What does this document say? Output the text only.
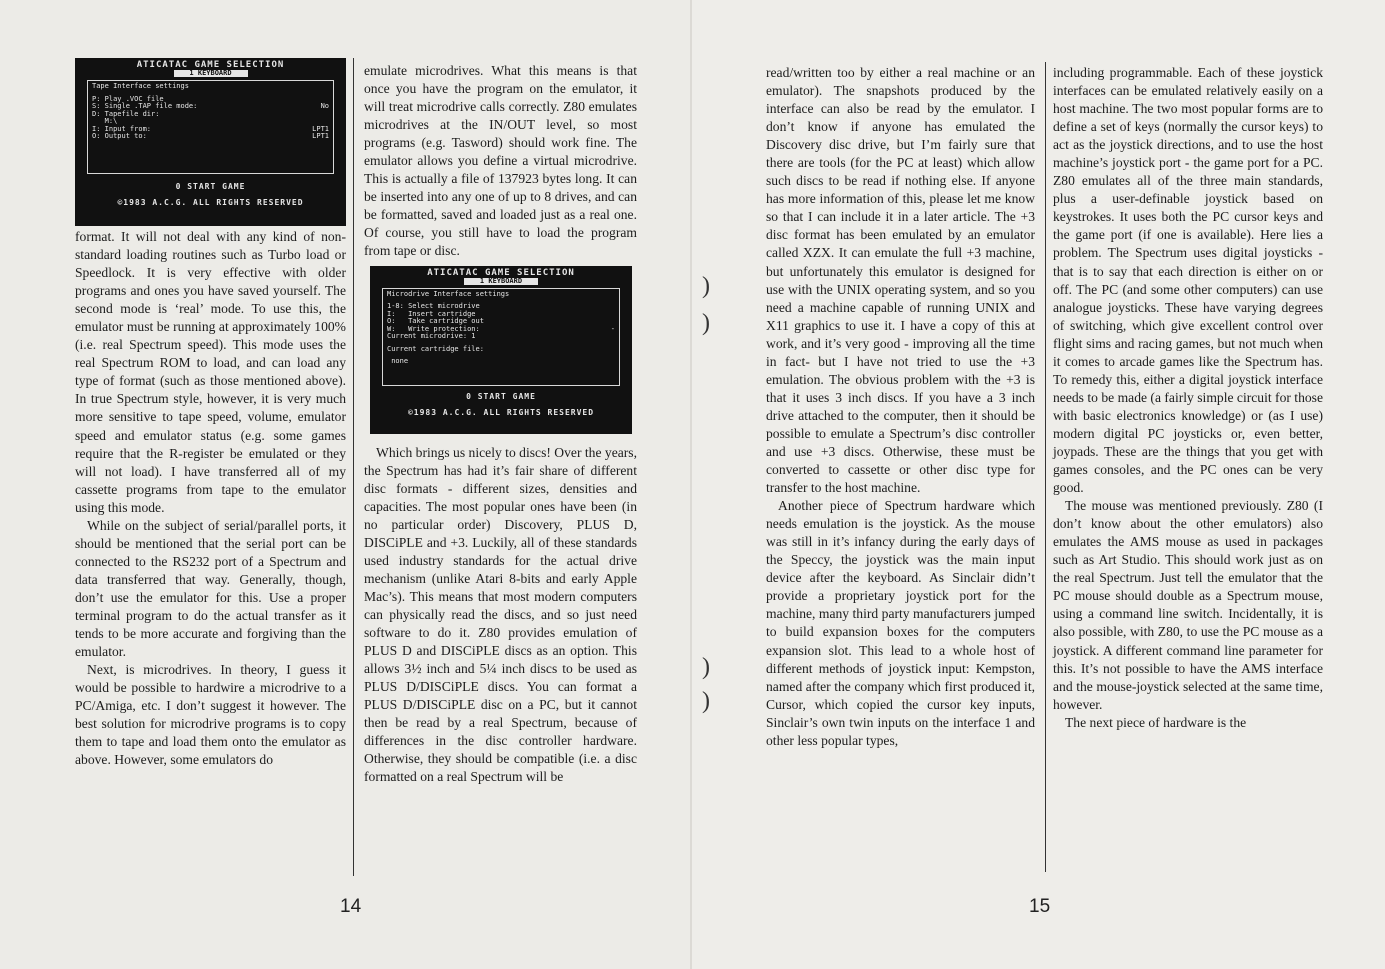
ATICATAC GAME SELECTION
1 KEYBOARD
Tape Interface settings
P: Play .VOC file
S: Single .TAP file mode:	No
D: Tapefile dir:
M:\
I: Input from:	LPT1
O: Output to:	LPT1
0 START GAME
©1983 A.C.G. ALL RIGHTS RESERVED

format. It will not deal with any kind of non-standard loading routines such as Turbo load or Speedlock. It is very effective with older programs and ones you have saved yourself. The second mode is ‘real’ mode. To use this, the emulator must be running at approximately 100% (i.e. real Spectrum speed). This mode uses the real Spectrum ROM to load, and can load any type of format (such as those mentioned above). In true Spectrum style, however, it is very much more sensitive to tape speed, volume, emulator speed and emulator status (e.g. some games require that the R-register be emulated or they will not load). I have transferred all of my cassette programs from tape to the emulator using this mode.

While on the subject of serial/parallel ports, it should be mentioned that the serial port can be connected to the RS232 port of a Spectrum and data transferred that way. Generally, though, don’t use the emulator for this. Use a proper terminal program to do the actual transfer as it tends to be more accurate and forgiving than the emulator.

Next, is microdrives. In theory, I guess it would be possible to hardwire a microdrive to a PC/Amiga, etc. I don’t suggest it however. The best solution for microdrive programs is to copy them to tape and load them onto the emulator as above. However, some emulators do

emulate microdrives. What this means is that once you have the program on the emulator, it will treat microdrive calls correctly. Z80 emulates microdrives at the IN/OUT level, so most programs (e.g. Tasword) should work fine. The emulator allows you define a virtual microdrive. This is actually a file of 137923 bytes long. It can be inserted into any one of up to 8 drives, and can be formatted, saved and loaded just as a real one. Of course, you still have to load the program from tape or disc.

ATICATAC GAME SELECTION
1 KEYBOARD
Microdrive Interface settings
1-8: Select microdrive
I:   Insert cartridge
O:   Take cartridge out
W:   Write protection:	-
Current microdrive: 1
Current cartridge file:
none
0 START GAME
©1983 A.C.G. ALL RIGHTS RESERVED

Which brings us nicely to discs! Over the years, the Spectrum has had it’s fair share of different disc formats - different sizes, densities and capacities. The most popular ones have been (in no particular order) Discovery, PLUS D, DISCiPLE and +3. Luckily, all of these standards used industry standards for the actual drive mechanism (unlike Atari 8-bits and early Apple Mac’s). This means that most modern computers can physically read the discs, and so just need software to do it. Z80 provides emulation of PLUS D and DISCiPLE discs as an option. This allows 3½ inch and 5¼ inch discs to be used as PLUS D/DISCiPLE discs. You can format a PLUS D/DISCiPLE disc on a PC, but it cannot then be read by a real Spectrum, because of differences in the disc controller hardware. Otherwise, they should be compatible (i.e. a disc formatted on a real Spectrum will be

14

read/written too by either a real machine or an emulator). The snapshots produced by the interface can also be read by the emulator. I don’t know if anyone has emulated the Discovery disc drive, but I’m fairly sure that there are tools (for the PC at least) which allow such discs to be read if nothing else. If anyone has more information of this, please let me know so that I can include it in a later article. The +3 disc format has been emulated by an emulator called XZX. It can emulate the full +3 machine, but unfortunately this emulator is designed for use with the UNIX operating system, and so you need a machine capable of running UNIX and X11 graphics to use it. I have a copy of this at work, and it’s very good - improving all the time in fact- but I have not tried to use the +3 emulation. The obvious problem with the +3 is that it uses 3 inch discs. If you have a 3 inch drive attached to the computer, then it should be possible to emulate a Spectrum’s disc controller and use +3 discs. Otherwise, these must be converted to cassette or other disc type for transfer to the host machine.

Another piece of Spectrum hardware which needs emulation is the joystick. As the mouse was still in it’s infancy during the early days of the Speccy, the joystick was the main input device after the keyboard. As Sinclair didn’t provide a proprietary joystick port for the machine, many third party manufacturers jumped to build expansion boxes for the computers expansion slot. This lead to a whole host of different methods of joystick input: Kempston, named after the company which first produced it, Cursor, which copied the cursor key inputs, Sinclair’s own twin inputs on the interface 1 and other less popular types,

including programmable. Each of these joystick interfaces can be emulated relatively easily on a host machine. The two most popular forms are to define a set of keys (normally the cursor keys) to act as the joystick directions, and to use the host machine’s joystick port - the game port for a PC. Z80 emulates all of the three main standards, plus a user-definable joystick based on keystrokes. It uses both the PC cursor keys and the game port (if one is available). Here lies a problem. The Spectrum uses digital joysticks - that is to say that each direction is either on or off. The PC (and some other computers) can use analogue joysticks. These have varying degrees of switching, which give excellent control over flight sims and racing games, but not much when it comes to arcade games like the Spectrum has. To remedy this, either a digital joystick interface needs to be made (a fairly simple circuit for those with basic electronics knowledge) or (as I use) modern digital PC joysticks or, even better, joypads. These are the things that you get with games consoles, and the PC ones can be very good.

The mouse was mentioned previously. Z80 (I don’t know about the other emulators) also emulates the AMS mouse as used in packages such as Art Studio. This should work just as on the real Spectrum. Just tell the emulator that the PC mouse should double as a Spectrum mouse, using a command line switch. Incidentally, it is also possible, with Z80, to use the PC mouse as a joystick. A different command line parameter for this. It’s not possible to have the AMS interface and the mouse-joystick selected at the same time, however.

The next piece of hardware is the

15
)
)
)
)
